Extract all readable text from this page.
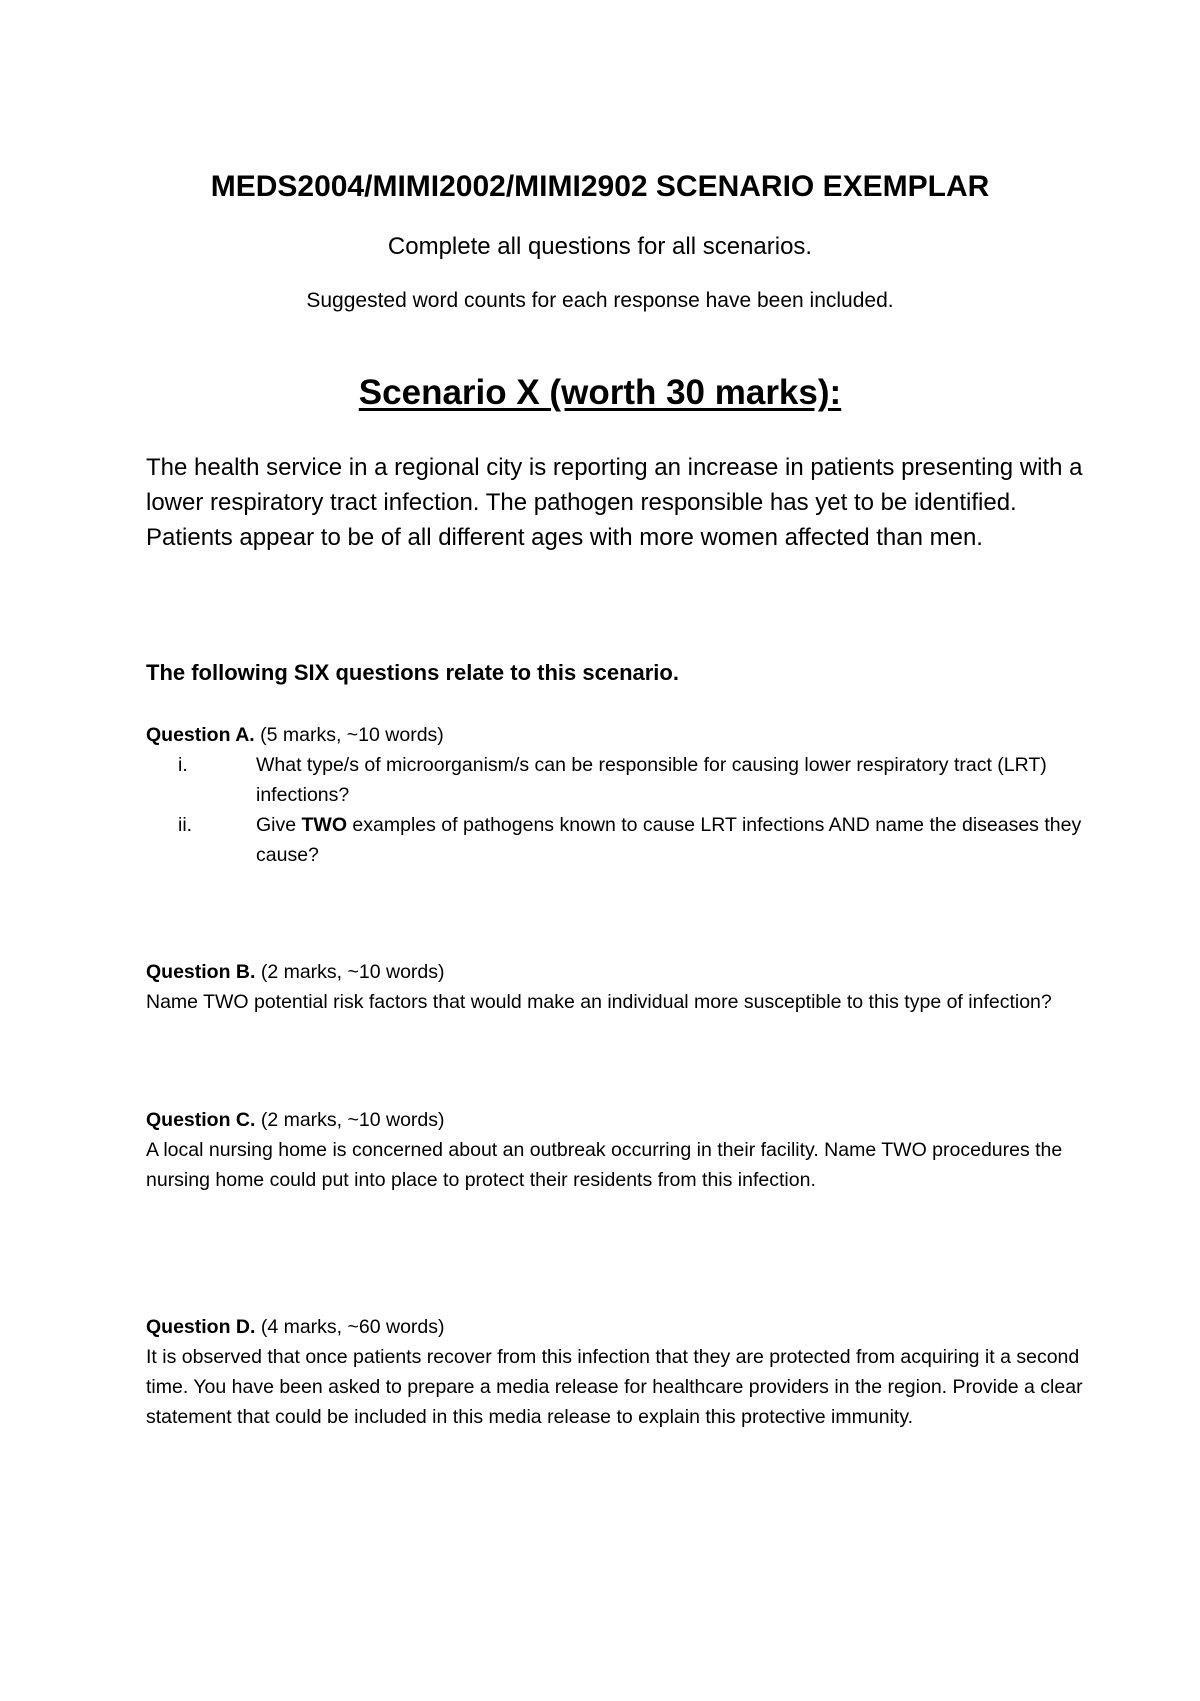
MEDS2004/MIMI2002/MIMI2902 SCENARIO EXEMPLAR
Complete all questions for all scenarios.
Suggested word counts for each response have been included.
Scenario X (worth 30 marks):

The health service in a regional city is reporting an increase in patients presenting with a lower respiratory tract infection. The pathogen responsible has yet to be identified.

Patients appear to be of all different ages with more women affected than men.

The following SIX questions relate to this scenario.

Question A. (5 marks, ~10 words)

i.	What type/s of microorganism/s can be responsible for causing lower respiratory tract (LRT) infections?
ii.	Give TWO examples of pathogens known to cause LRT infections AND name the diseases they cause?

Question B. (2 marks, ~10 words)

Name TWO potential risk factors that would make an individual more susceptible to this type of infection?

Question C. (2 marks, ~10 words)

A local nursing home is concerned about an outbreak occurring in their facility. Name TWO procedures the nursing home could put into place to protect their residents from this infection.

Question D. (4 marks, ~60 words)

It is observed that once patients recover from this infection that they are protected from acquiring it a second time. You have been asked to prepare a media release for healthcare providers in the region. Provide a clear statement that could be included in this media release to explain this protective immunity.
